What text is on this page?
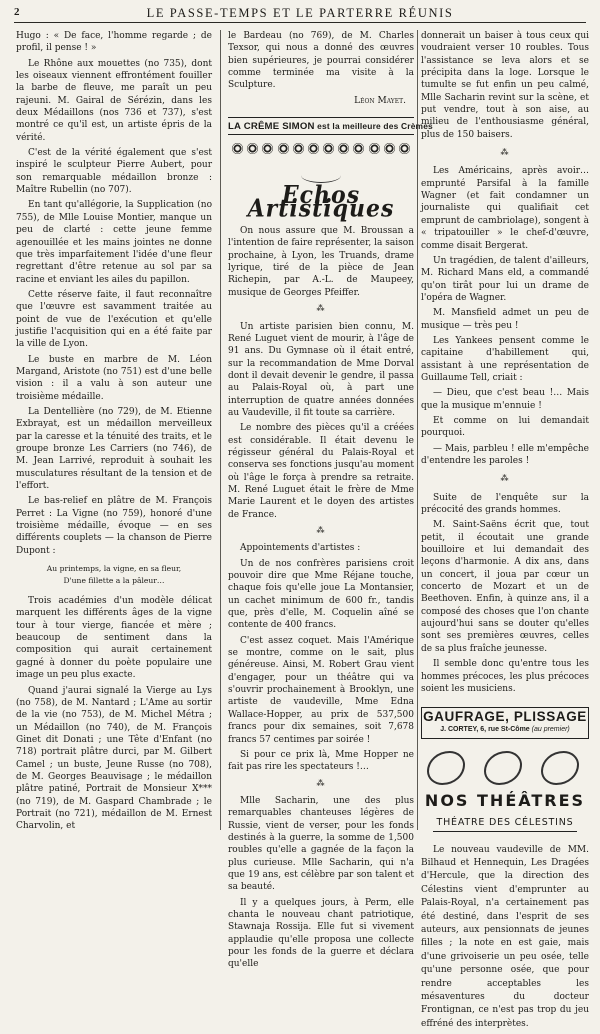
2	LE PASSE-TEMPS ET LE PARTERRE RÉUNIS

Hugo : « De face, l'homme regarde ; de profil, il pense ! »

Le Rhône aux mouettes (no 735), dont les oiseaux viennent effrontément fouiller la barbe de fleuve, me paraît un peu rajeuni. M. Gairal de Sérézin, dans les deux Médaillons (nos 736 et 737), s'est montré ce qu'il est, un artiste épris de la vérité.

C'est de la vérité également que s'est inspiré le sculpteur Pierre Aubert, pour son remarquable médaillon bronze : Maître Rubellin (no 707).

En tant qu'allégorie, la Supplication (no 755), de Mlle Louise Montier, manque un peu de clarté : cette jeune femme agenouillée et les mains jointes ne donne que très imparfaitement l'idée d'une fleur regrettant d'être retenue au sol par sa racine et enviant les ailes du papillon.

Cette réserve faite, il faut reconnaître que l'œuvre est savamment traitée au point de vue de l'exécution et qu'elle justifie l'acquisition qui en a été faite par la ville de Lyon.

Le buste en marbre de M. Léon Margand, Aristote (no 751) est d'une belle vision : il a valu à son auteur une troisième médaille.

La Dentellière (no 729), de M. Etienne Exbrayat, est un médaillon merveilleux par la caresse et la ténuité des traits, et le groupe bronze Les Carriers (no 746), de M. Jean Larrivé, reproduit à souhait les musculatures résultant de la tension et de l'effort.

Le bas-relief en plâtre de M. François Perret : La Vigne (no 759), honoré d'une troisième médaille, évoque — en ses différents couplets — la chanson de Pierre Dupont :

Au printemps, la vigne, en sa fleur,
D'une fillette a la pâleur…

Trois académies d'un modèle délicat marquent les différents âges de la vigne tour à tour vierge, fiancée et mère ; beaucoup de sentiment dans la composition qui aurait certainement gagné à donner du poète populaire une image un peu plus exacte.

Quand j'aurai signalé la Vierge au Lys (no 758), de M. Nantard ; L'Ame au sortir de la vie (no 753), de M. Michel Métra ; un Médaillon (no 740), de M. François Ginet dit Donati ; une Tête d'Enfant (no 718) portrait plâtre durci, par M. Gilbert Camel ; un buste, Jeune Russe (no 708), de M. Georges Beauvisage ; le médaillon plâtre patiné, Portrait de Monsieur X*** (no 719), de M. Gaspard Chambrade ; le Portrait (no 721), médaillon de M. Ernest Charvolin, et

le Bardeau (no 769), de M. Charles Texsor, qui nous a donné des œuvres bien supérieures, je pourrai considérer comme terminée ma visite à la Sculpture.

Léon Mayet.
LA CRÊME SIMON est la meilleure des Crèmes
Echos Artistiques

On nous assure que M. Broussan a l'intention de faire représenter, la saison prochaine, à Lyon, les Truands, drame lyrique, tiré de la pièce de Jean Richepin, par A.-L. de Maupeey, musique de Georges Pfeiffer.

⁂

Un artiste parisien bien connu, M. René Luguet vient de mourir, à l'âge de 91 ans. Du Gymnase où il était entré, sur la recommandation de Mme Dorval dont il devait devenir le gendre, il passa au Palais-Royal où, à part une interruption de quatre années données au Vaudeville, il fit toute sa carrière.

Le nombre des pièces qu'il a créées est considérable. Il était devenu le régisseur général du Palais-Royal et conserva ses fonctions jusqu'au moment où l'âge le força à prendre sa retraite. M. René Luguet était le frère de Mme Marie Laurent et le doyen des artistes de France.

⁂

Appointements d'artistes :

Un de nos confrères parisiens croit pouvoir dire que Mme Réjane touche, chaque fois qu'elle joue La Montansier, un cachet minimum de 600 fr., tandis que, près d'elle, M. Coquelin aîné se contente de 400 francs.

C'est assez coquet. Mais l'Amérique se montre, comme on le sait, plus généreuse. Ainsi, M. Robert Grau vient d'engager, pour un théâtre qui va s'ouvrir prochainement à Brooklyn, une artiste de vaudeville, Mme Edna Wallace-Hopper, au prix de 537,500 francs pour dix semaines, soit 7,678 francs 57 centimes par soirée !

Si pour ce prix là, Mme Hopper ne fait pas rire les spectateurs !…

⁂

Mlle Sacharin, une des plus remarquables chanteuses légères de Russie, vient de verser, pour les fonds destinés à la guerre, la somme de 1,500 roubles qu'elle a gagnée de la façon la plus curieuse. Mlle Sacharin, qui n'a que 19 ans, est célèbre par son talent et sa beauté.

Il y a quelques jours, à Perm, elle chanta le nouveau chant patriotique, Stawnaja Rossija. Elle fut si vivement applaudie qu'elle proposa une collecte pour les fonds de la guerre et déclara qu'elle

donnerait un baiser à tous ceux qui voudraient verser 10 roubles. Tous l'assistance se leva alors et se précipita dans la loge. Lorsque le tumulte se fut enfin un peu calmé, Mlle Sacharin revint sur la scène, et put vendre, tout à son aise, au milieu de l'enthousiasme général, plus de 150 baisers.

⁂

Les Américains, après avoir… emprunté Parsifal à la famille Wagner (et fait condamner un journaliste qui qualifiait cet emprunt de cambriolage), songent à « tripatouiller » le chef-d'œuvre, comme disait Bergerat.

Un tragédien, de talent d'ailleurs, M. Richard Mans eld, a commandé qu'on tirât pour lui un drame de l'opéra de Wagner.

M. Mansfield admet un peu de musique — très peu !

Les Yankees pensent comme le capitaine d'habillement qui, assistant à une représentation de Guillaume Tell, criait :

— Dieu, que c'est beau !… Mais que la musique m'ennuie !

Et comme on lui demandait pourquoi.

— Mais, parbleu ! elle m'empêche d'entendre les paroles !

⁂

Suite de l'enquête sur la précocité des grands hommes.

M. Saint-Saëns écrit que, tout petit, il écoutait une grande bouilloire et lui demandait des leçons d'harmonie. A dix ans, dans un concert, il joua par cœur un concerto de Mozart et un de Beethoven. Enfin, à quinze ans, il a composé des choses que l'on chante aujourd'hui sans se douter qu'elles sont ses premières œuvres, celles de sa plus fraîche jeunesse.

Il semble donc qu'entre tous les hommes précoces, les plus précoces soient les musiciens.

GAUFRAGE, PLISSAGE
J. CORTEY, 6, rue St-Côme (au premier)
NOS THÉÂTRES
THÉATRE DES CÉLESTINS

Le nouveau vaudeville de MM. Bilhaud et Hennequin, Les Dragées d'Hercule, que la direction des Célestins vient d'emprunter au Palais-Royal, n'a certainement pas été destiné, dans l'esprit de ses auteurs, aux pensionnats de jeunes filles ; la note en est gaie, mais d'une grivoiserie un peu osée, telle qu'une personne osée, que pour rendre acceptables les mésaventures du docteur Frontignan, ce n'est pas trop du jeu effréné des interprètes.
